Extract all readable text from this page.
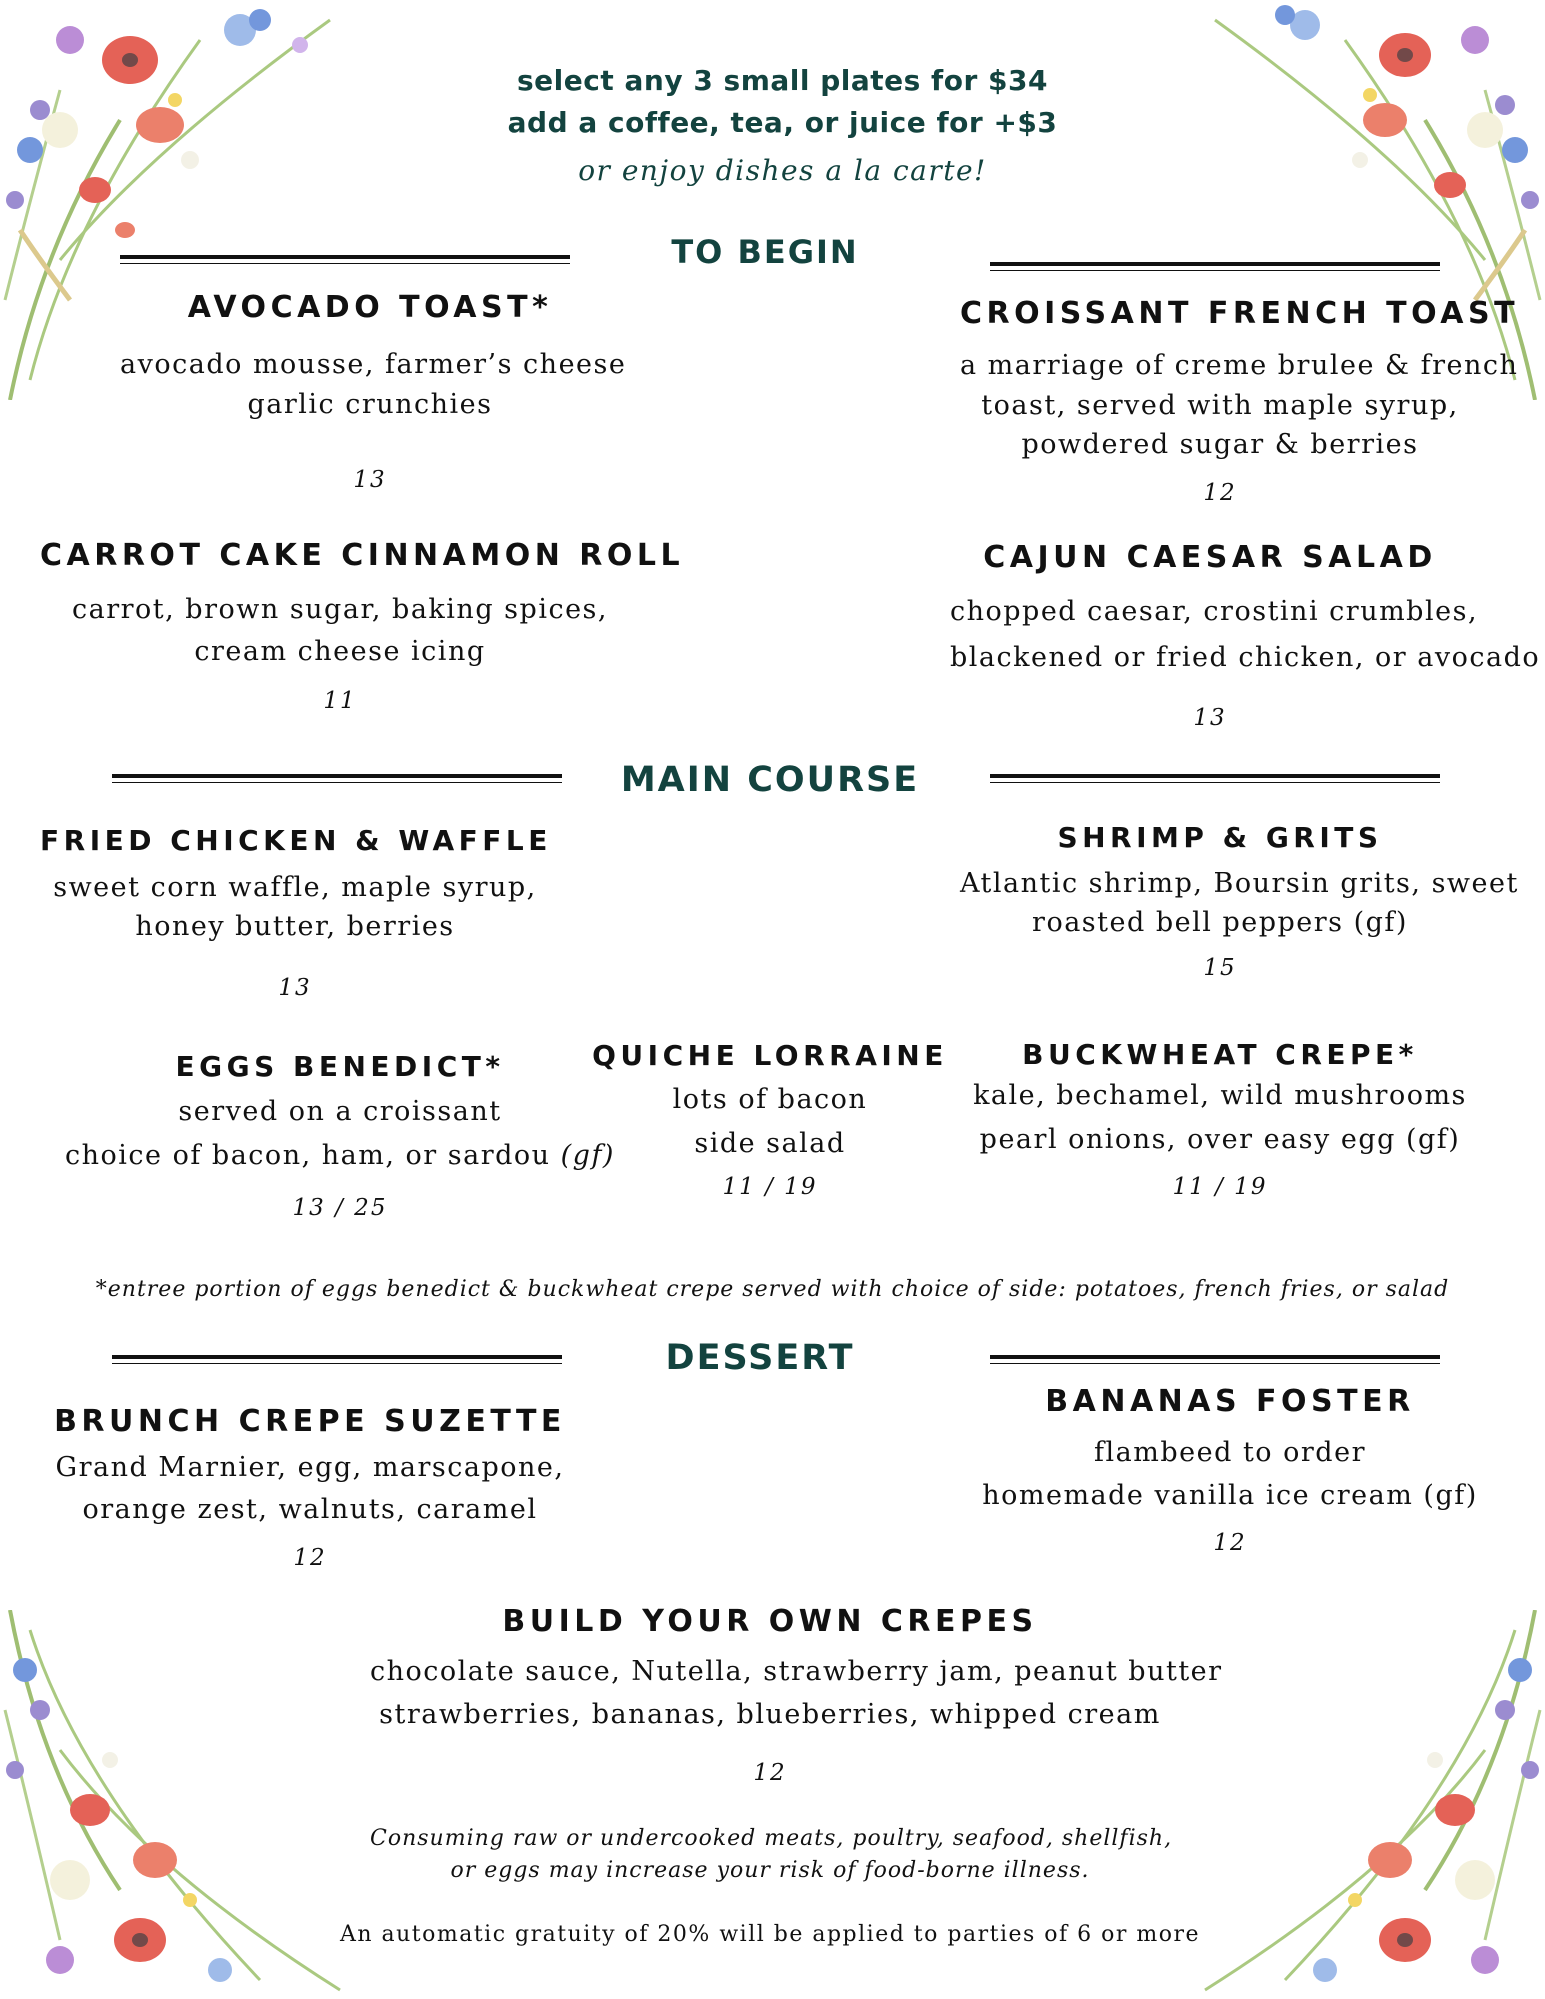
select any 3 small plates for $34
add a coffee, tea, or juice for +$3
or enjoy dishes a la carte!
TO BEGIN
AVOCADO TOAST*
avocado mousse, farmer’s cheese
garlic crunchies
13
CROISSANT FRENCH TOAST
a marriage of creme brulee & french
toast, served with maple syrup,
powdered sugar & berries
12
CARROT CAKE CINNAMON ROLL
carrot, brown sugar, baking spices,
cream cheese icing
11
CAJUN CAESAR SALAD
chopped caesar, crostini crumbles,
blackened or fried chicken, or avocado
13
MAIN COURSE
FRIED CHICKEN & WAFFLE
sweet corn waffle, maple syrup,
honey butter, berries
13
SHRIMP & GRITS
Atlantic shrimp, Boursin grits, sweet
roasted bell peppers (gf)
15
EGGS BENEDICT*
served on a croissant
choice of bacon, ham, or sardou (gf)
13 / 25
QUICHE LORRAINE
lots of bacon
side salad
11 / 19
BUCKWHEAT CREPE*
kale, bechamel, wild mushrooms
pearl onions, over easy egg (gf)
11 / 19
*entree portion of eggs benedict & buckwheat crepe served with choice of side: potatoes, french fries, or salad
DESSERT
BRUNCH CREPE SUZETTE
Grand Marnier, egg, marscapone,
orange zest, walnuts, caramel
12
BANANAS FOSTER
flambeed to order
homemade vanilla ice cream (gf)
12
BUILD YOUR OWN CREPES
chocolate sauce, Nutella, strawberry jam, peanut butter
strawberries, bananas, blueberries, whipped cream
12
Consuming raw or undercooked meats, poultry, seafood, shellfish,
or eggs may increase your risk of food-borne illness.
An automatic gratuity of 20% will be applied to parties of 6 or more
